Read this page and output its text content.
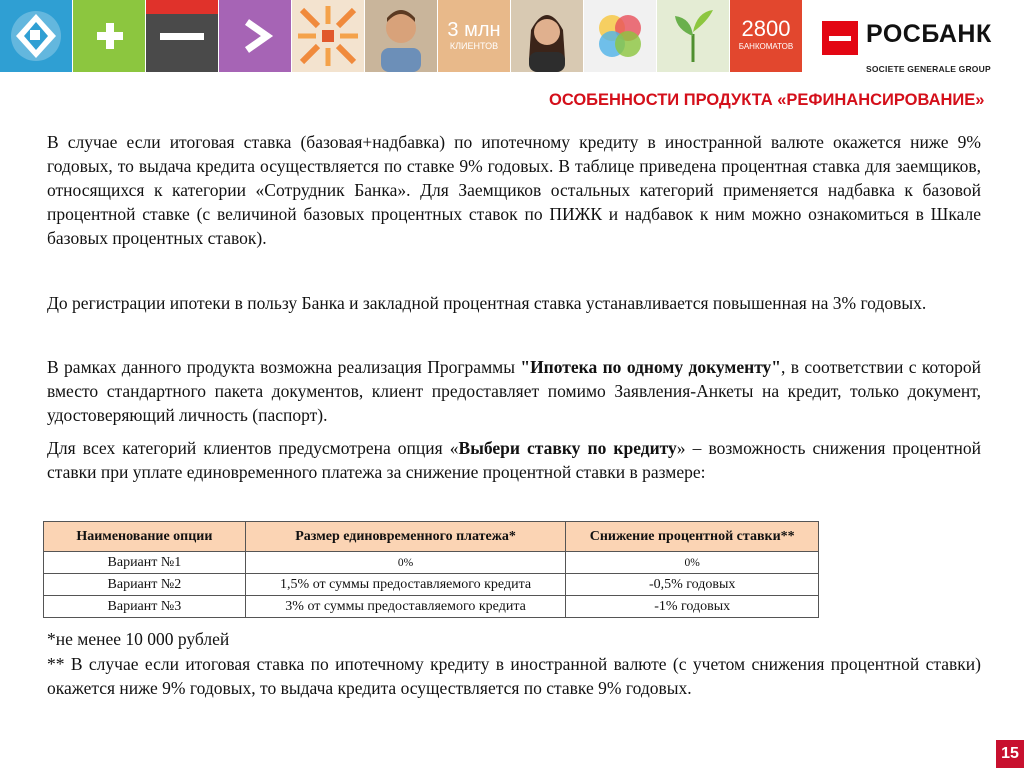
3 млн
КЛИЕНТОВ
2800
БАНКОМАТОВ	РОСБАНК
SOCIETE GENERALE GROUP
ОСОБЕННОСТИ ПРОДУКТА «РЕФИНАНСИРОВАНИЕ»
В случае если итоговая ставка (базовая+надбавка) по ипотечному кредиту в иностранной валюте окажется ниже 9% годовых, то выдача кредита осуществляется по ставке 9% годовых. В таблице приведена процентная ставка для заемщиков, относящихся к категории «Сотрудник Банка». Для Заемщиков остальных категорий применяется надбавка к базовой процентной ставке (с величиной базовых процентных ставок по ПИЖК и надбавок к ним можно ознакомиться в Шкале базовых процентных ставок).
До регистрации ипотеки в пользу Банка и закладной процентная ставка устанавливается повышенная на 3% годовых.
В рамках данного продукта возможна реализация Программы "Ипотека по одному документу", в соответствии с которой вместо стандартного пакета документов, клиент предоставляет помимо Заявления-Анкеты на кредит, только документ, удостоверяющий личность (паспорт).
Для всех категорий клиентов предусмотрена опция «Выбери ставку по кредиту» – возможность снижения процентной ставки при уплате единовременного платежа за снижение процентной ставки в размере:
Наименование опции	Размер единовременного платежа*	Снижение процентной ставки**
Вариант №1	0%	0%
Вариант №2	1,5% от суммы предоставляемого кредита	-0,5% годовых
Вариант №3	3% от суммы предоставляемого кредита	-1% годовых
*не менее 10 000 рублей
** В случае если итоговая ставка по ипотечному кредиту в иностранной валюте (с учетом снижения процентной ставки) окажется ниже 9% годовых, то выдача кредита осуществляется по ставке 9% годовых.
15
